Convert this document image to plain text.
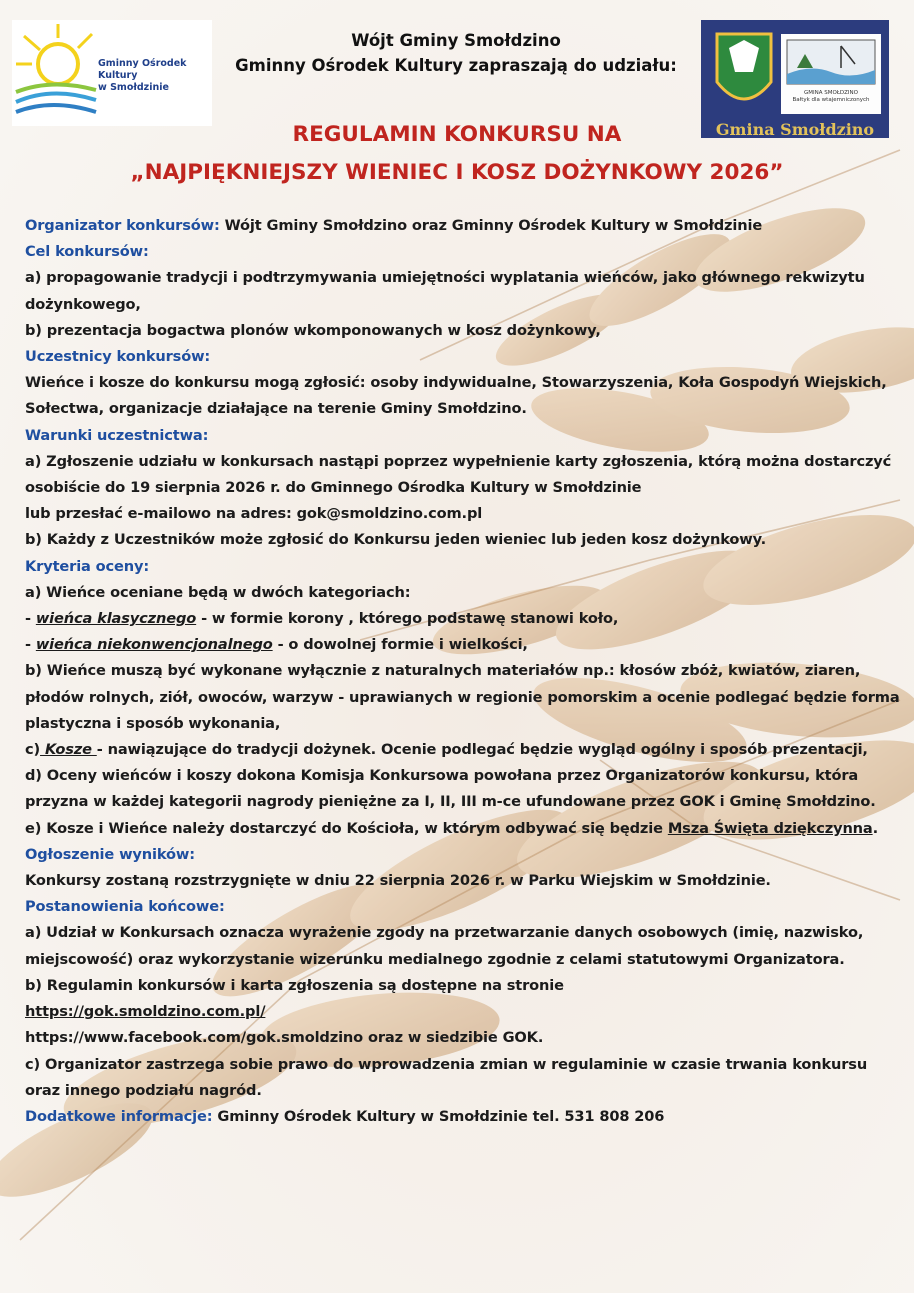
Gminny Ośrodek Kultury
w Smołdzinie	GMINA SMOŁDZINO
Bałtyk dla wtajemniczonych
Gmina Smołdzino
Wójt Gminy Smołdzino
Gminny Ośrodek Kultury zapraszają do udziału:
REGULAMIN KONKURSU NA
„NAJPIĘKNIEJSZY WIENIEC I KOSZ DOŻYNKOWY 2026”

Organizator konkursów: Wójt Gminy Smołdzino oraz Gminny Ośrodek Kultury w Smołdzinie

Cel konkursów:

a) propagowanie tradycji i podtrzymywania umiejętności wyplatania wieńców, jako głównego rekwizytu dożynkowego,

b) prezentacja bogactwa plonów wkomponowanych w kosz dożynkowy,

Uczestnicy konkursów:

Wieńce i kosze do konkursu mogą zgłosić: osoby indywidualne, Stowarzyszenia, Koła Gospodyń Wiejskich, Sołectwa, organizacje działające na terenie Gminy Smołdzino.

Warunki uczestnictwa:

a) Zgłoszenie udziału w konkursach nastąpi poprzez wypełnienie karty zgłoszenia, którą można dostarczyć osobiście do 19 sierpnia 2026 r. do Gminnego Ośrodka Kultury w Smołdzinie

lub przesłać e-mailowo na adres: gok@smoldzino.com.pl

b) Każdy z Uczestników może zgłosić do Konkursu jeden wieniec lub jeden kosz dożynkowy.

Kryteria oceny:

a) Wieńce oceniane będą w dwóch kategoriach:

- wieńca klasycznego - w formie korony , którego podstawę stanowi koło,

- wieńca niekonwencjonalnego - o dowolnej formie i wielkości,

b) Wieńce muszą być wykonane wyłącznie z naturalnych materiałów np.: kłosów zbóż, kwiatów, ziaren, płodów rolnych, ziół, owoców, warzyw - uprawianych w regionie pomorskim a ocenie podlegać będzie forma plastyczna i sposób wykonania,

c) Kosze - nawiązujące do tradycji dożynek. Ocenie podlegać będzie wygląd ogólny i sposób prezentacji,

d) Oceny wieńców i koszy dokona Komisja Konkursowa powołana przez Organizatorów konkursu, która przyzna w każdej kategorii nagrody pieniężne za I, II, III m-ce ufundowane przez GOK i Gminę Smołdzino.

e) Kosze i Wieńce należy dostarczyć do Kościoła, w którym odbywać się będzie Msza Święta dziękczynna.

Ogłoszenie wyników:

Konkursy zostaną rozstrzygnięte w dniu 22 sierpnia 2026 r. w Parku Wiejskim w Smołdzinie.

Postanowienia końcowe:

a) Udział w Konkursach oznacza wyrażenie zgody na przetwarzanie danych osobowych (imię, nazwisko, miejscowość) oraz wykorzystanie wizerunku medialnego zgodnie z celami statutowymi Organizatora.

b) Regulamin konkursów i karta zgłoszenia są dostępne na stronie

https://gok.smoldzino.com.pl/

https://www.facebook.com/gok.smoldzino oraz w siedzibie GOK.

c) Organizator zastrzega sobie prawo do wprowadzenia zmian w regulaminie w czasie trwania konkursu oraz innego podziału nagród.

Dodatkowe informacje: Gminny Ośrodek Kultury w Smołdzinie tel. 531 808 206
